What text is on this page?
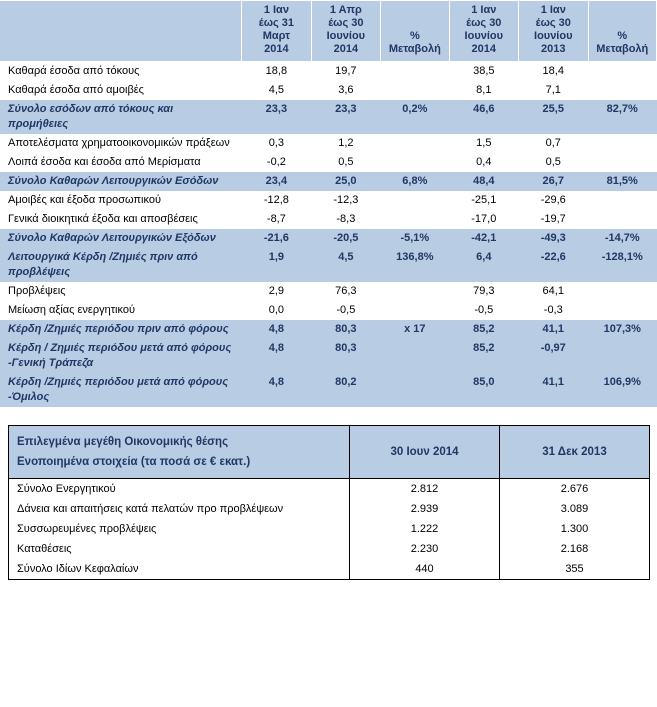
	1 Ιαν
έως 31
Μαρτ
2014	1 Απρ
έως 30
Ιουνίου
2014	%
Μεταβολή	1 Ιαν
έως 30
Ιουνίου
2014	1 Ιαν
έως 30
Ιουνίου
2013	%
Μεταβολή
Καθαρά έσοδα από τόκους	18,8	19,7		38,5	18,4	
Καθαρά έσοδα από αμοιβές	4,5	3,6		8,1	7,1	
Σύνολο εσόδων από τόκους και προμήθειες	23,3	23,3	0,2%	46,6	25,5	82,7%
Αποτελέσματα χρηματοοικονομικών πράξεων	0,3	1,2		1,5	0,7	
Λοιπά έσοδα και έσοδα από Μερίσματα	-0,2	0,5		0,4	0,5	
Σύνολο Καθαρών Λειτουργικών Εσόδων	23,4	25,0	6,8%	48,4	26,7	81,5%
Αμοιβές και έξοδα προσωπικού	-12,8	-12,3		-25,1	-29,6	
Γενικά διοικητικά έξοδα και αποσβέσεις	-8,7	-8,3		-17,0	-19,7	
Σύνολο Καθαρών Λειτουργικών Εξόδων	-21,6	-20,5	-5,1%	-42,1	-49,3	-14,7%
Λειτουργικά Κέρδη /Ζημιές πριν από προβλέψεις	1,9	4,5	136,8%	6,4	-22,6	-128,1%
Προβλέψεις	2,9	76,3		79,3	64,1	
Μείωση αξίας ενεργητικού	0,0	-0,5		-0,5	-0,3	
Κέρδη /Ζημιές περιόδου πριν από φόρους	4,8	80,3	x 17	85,2	41,1	107,3%
Κέρδη / Ζημιές περιόδου μετά από φόρους -Γενική Τράπεζα	4,8	80,3		85,2	-0,97	
Κέρδη /Ζημιές περιόδου μετά από φόρους -Όμιλος	4,8	80,2		85,0	41,1	106,9%
Επιλεγμένα μεγέθη Οικονομικής θέσης
Ενοποιημένα στοιχεία (τα ποσά σε € εκατ.)	30 Ιουν 2014	31 Δεκ 2013
Σύνολο Ενεργητικού	2.812	2.676
Δάνεια και απαιτήσεις κατά πελατών προ προβλέψεων	2.939	3.089
Συσσωρευμένες προβλέψεις	1.222	1.300
Καταθέσεις	2.230	2.168
Σύνολο Ιδίων Κεφαλαίων	440	355
